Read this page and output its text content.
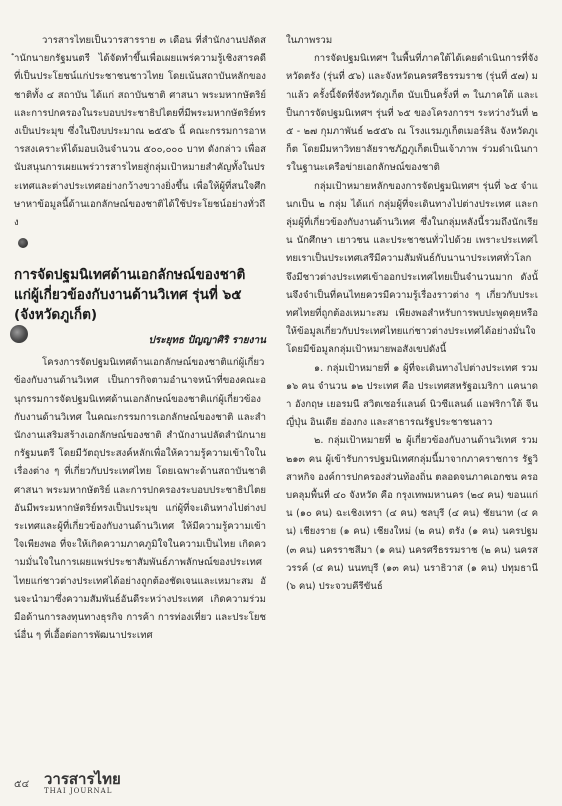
วารสารไทยเป็นวารสารราย ๓ เดือน ที่สำนักงานปลัดสำนักนายกรัฐมนตรี ได้จัดทำขึ้นเพื่อเผยแพร่ความรู้เชิงสารคดีที่เป็นประโยชน์แก่ประชาชนชาวไทย โดยเน้นสถาบันหลักของชาติทั้ง ๔ สถาบัน ได้แก่ สถาบันชาติ ศาสนา พระมหากษัตริย์ และการปกครองในระบอบประชาธิปไตยที่มีพระมหากษัตริย์ทรงเป็นประมุข ซึ่งในปีงบประมาณ ๒๕๕๖ นี้ คณะกรรมการอาหารสงเคราะห์ได้มอบเงินจำนวน ๕๐๐,๐๐๐ บาท ดังกล่าว เพื่อสนับสนุนการเผยแพร่วารสารไทยสู่กลุ่มเป้าหมายสำคัญทั้งในประเทศและต่างประเทศอย่างกว้างขวางยิ่งขึ้น เพื่อให้ผู้ที่สนใจศึกษาหาข้อมูลนี้ด้านเอกลักษณ์ของชาติได้ใช้ประโยชน์อย่างทั่วถึง

การจัดปฐมนิเทศด้านเอกลักษณ์ของชาติ
แก่ผู้เกี่ยวข้องกับงานด้านวิเทศ รุ่นที่ ๖๕
(จังหวัดภูเก็ต)
ประยุทธ ปัญญาศิริ รายงาน

โครงการจัดปฐมนิเทศด้านเอกลักษณ์ของชาติแก่ผู้เกี่ยวข้องกับงานด้านวิเทศ เป็นการกิจตามอำนาจหน้าที่ของคณะอนุกรรมการจัดปฐมนิเทศด้านเอกลักษณ์ของชาติแก่ผู้เกี่ยวข้องกับงานด้านวิเทศ ในคณะกรรมการเอกลักษณ์ของชาติ และสำนักงานเสริมสร้างเอกลักษณ์ของชาติ สำนักงานปลัดสำนักนายกรัฐมนตรี โดยมีวัตถุประสงค์หลักเพื่อให้ความรู้ความเข้าใจในเรื่องต่าง ๆ ที่เกี่ยวกับประเทศไทย โดยเฉพาะด้านสถาบันชาติ ศาสนา พระมหากษัตริย์ และการปกครองระบอบประชาธิปไตยอันมีพระมหากษัตริย์ทรงเป็นประมุข แก่ผู้ที่จะเดินทางไปต่างประเทศและผู้ที่เกี่ยวข้องกับงานด้านวิเทศ ให้มีความรู้ความเข้าใจเพียงพอ ที่จะให้เกิดความภาคภูมิใจในความเป็นไทย เกิดความมั่นใจในการเผยแพร่ประชาสัมพันธ์ภาพลักษณ์ของประเทศไทยแก่ชาวต่างประเทศได้อย่างถูกต้องชัดเจนและเหมาะสม อันจะนำมาซึ่งความสัมพันธ์อันดีระหว่างประเทศ เกิดความร่วมมือด้านการลงทุนทางธุรกิจ การค้า การท่องเที่ยว และประโยชน์อื่น ๆ ที่เอื้อต่อการพัฒนาประเทศ

ในภาพรวม

การจัดปฐมนิเทศฯ ในพื้นที่ภาคใต้ได้เคยดำเนินการที่จังหวัดตรัง (รุ่นที่ ๕๖) และจังหวัดนครศรีธรรมราช (รุ่นที่ ๕๗) มาแล้ว ครั้งนี้จัดที่จังหวัดภูเก็ต นับเป็นครั้งที่ ๓ ในภาคใต้ และเป็นการจัดปฐมนิเทศฯ รุ่นที่ ๖๕ ของโครงการฯ ระหว่างวันที่ ๒๕ - ๒๗ กุมภาพันธ์ ๒๕๕๖ ณ โรงแรมภูเก็ตเมอร์ลิน จังหวัดภูเก็ต โดยมีมหาวิทยาลัยราชภัฏภูเก็ตเป็นเจ้าภาพ ร่วมดำเนินการในฐานะเครือข่ายเอกลักษณ์ของชาติ

กลุ่มเป้าหมายหลักของการจัดปฐมนิเทศฯ รุ่นที่ ๖๕ จำแนกเป็น ๒ กลุ่ม ได้แก่ กลุ่มผู้ที่จะเดินทางไปต่างประเทศ และกลุ่มผู้ที่เกี่ยวข้องกับงานด้านวิเทศ ซึ่งในกลุ่มหลังนี้รวมถึงนักเรียน นักศึกษา เยาวชน และประชาชนทั่วไปด้วย เพราะประเทศไทยเราเป็นประเทศเสรีมีความสัมพันธ์กับนานาประเทศทั่วโลก จึงมีชาวต่างประเทศเข้าออกประเทศไทยเป็นจำนวนมาก ดังนั้นจึงจำเป็นที่คนไทยควรมีความรู้เรื่องราวต่าง ๆ เกี่ยวกับประเทศไทยที่ถูกต้องเหมาะสม เพียงพอสำหรับการพบปะพูดคุยหรือให้ข้อมูลเกี่ยวกับประเทศไทยแก่ชาวต่างประเทศได้อย่างมั่นใจ โดยมีข้อมูลกลุ่มเป้าหมายพอสังเขปดังนี้

๑. กลุ่มเป้าหมายที่ ๑ ผู้ที่จะเดินทางไปต่างประเทศ รวม ๑๖ คน จำนวน ๑๒ ประเทศ คือ ประเทศสหรัฐอเมริกา แคนาดา อังกฤษ เยอรมนี สวิตเซอร์แลนด์ นิวซีแลนด์ แอฟริกาใต้ จีน ญี่ปุ่น อินเดีย ฮ่องกง และสาธารณรัฐประชาชนลาว

๒. กลุ่มเป้าหมายที่ ๒ ผู้เกี่ยวข้องกับงานด้านวิเทศ รวม ๒๑๓ คน ผู้เข้ารับการปฐมนิเทศกลุ่มนี้มาจากภาคราชการ รัฐวิสาหกิจ องค์การปกครองส่วนท้องถิ่น ตลอดจนภาคเอกชน ครอบคลุมพื้นที่ ๔๐ จังหวัด คือ กรุงเทพมหานคร (๒๔ คน) ขอนแก่น (๑๐ คน) ฉะเชิงเทรา (๔ คน) ชลบุรี (๔ คน) ชัยนาท (๔ คน) เชียงราย (๑ คน) เชียงใหม่ (๒ คน) ตรัง (๑ คน) นครปฐม (๓ คน) นครราชสีมา (๑ คน) นครศรีธรรมราช (๒ คน) นครสวรรค์ (๔ คน) นนทบุรี (๑๓ คน) นราธิวาส (๑ คน) ปทุมธานี (๖ คน) ประจวบคีรีขันธ์

๕๔ วารสารไทย
THAI JOURNAL
